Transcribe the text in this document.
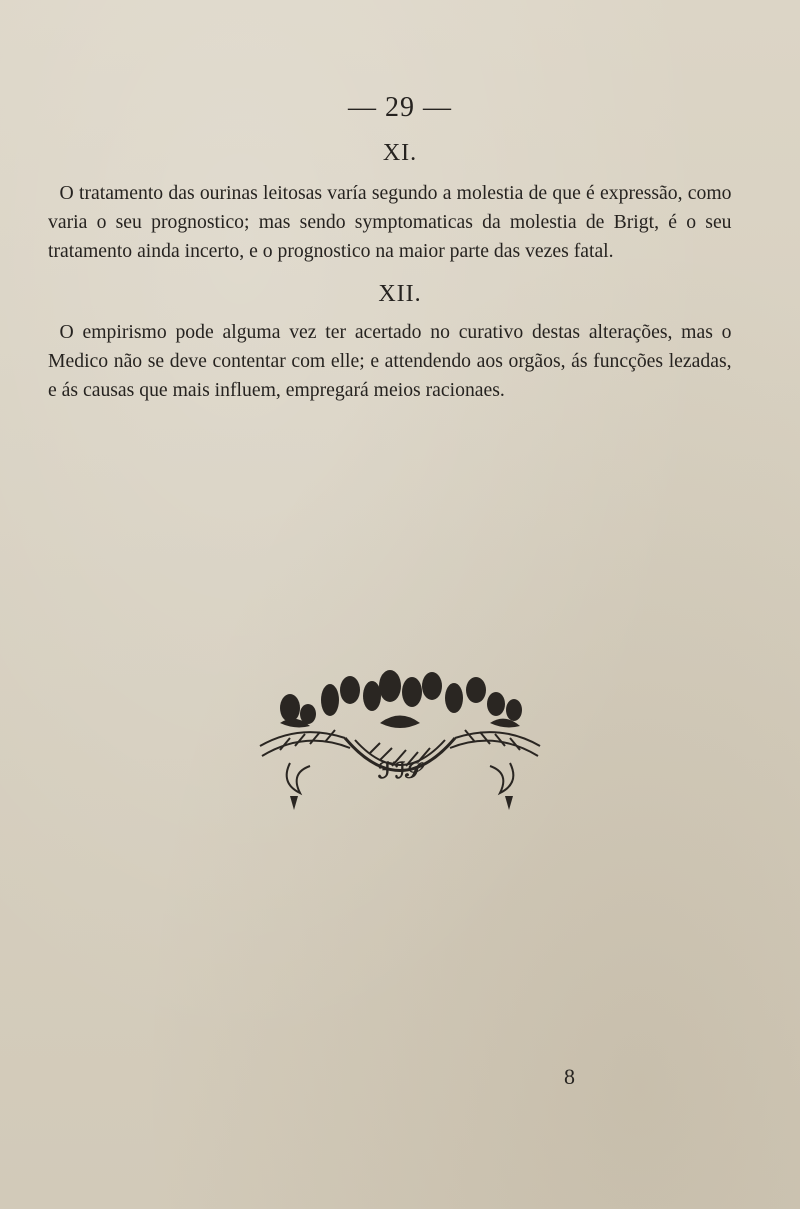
— 29 —

XI.

O tratamento das ourinas leitosas varía segundo a molestia de que é expressão, como varia o seu prognostico; mas sendo symptomaticas da molestia de Brigt, é o seu tratamento ainda incerto, e o prognostico na maior parte das vezes fatal.

XII.

O empirismo pode alguma vez ter acertado no curativo destas alterações, mas o Medico não se deve contentar com elle; e attendendo aos orgãos, ás funcções lezadas, e ás causas que mais influem, empregará meios racionaes.

ℱℐ𝒮

8
